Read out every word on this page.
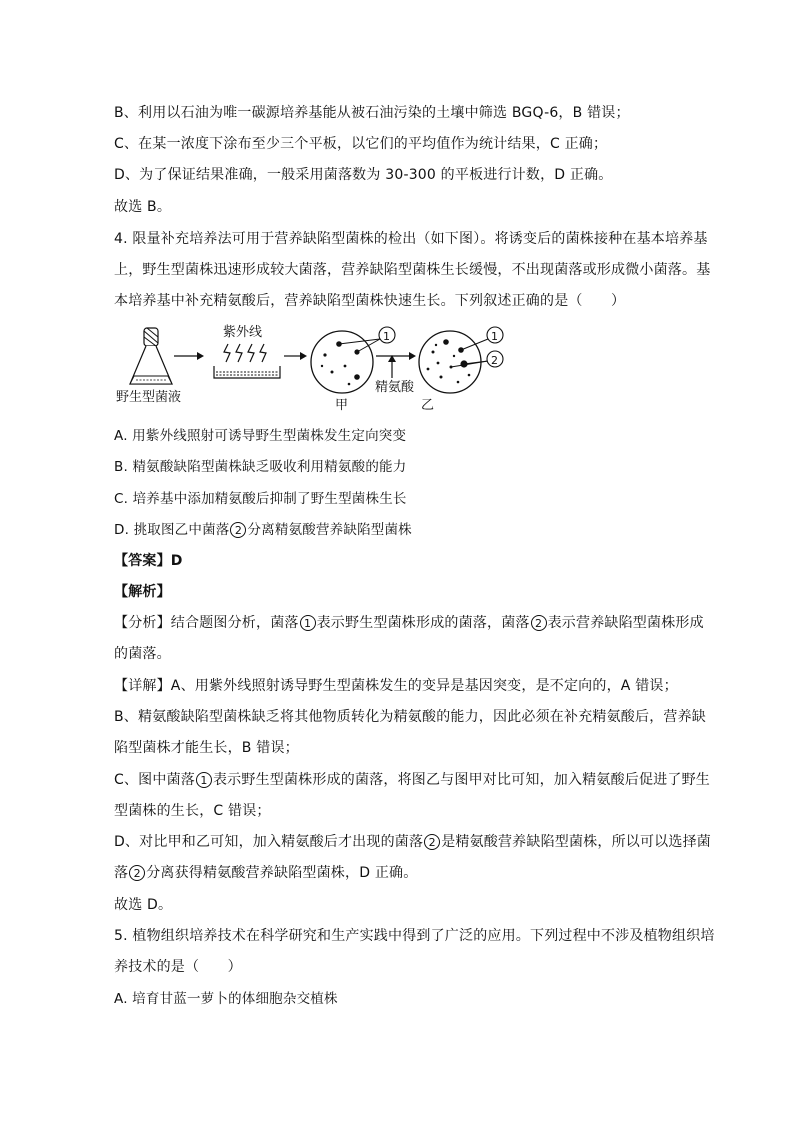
B、利用以石油为唯一碳源培养基能从被石油污染的土壤中筛选 BGQ-6，B 错误；
C、在某一浓度下涂布至少三个平板，以它们的平均值作为统计结果，C 正确；
D、为了保证结果准确，一般采用菌落数为 30-300 的平板进行计数，D 正确。
故选 B。
4. 限量补充培养法可用于营养缺陷型菌株的检出（如下图）。将诱变后的菌株接种在基本培养基
上，野生型菌株迅速形成较大菌落，营养缺陷型菌株生长缓慢，不出现菌落或形成微小菌落。基
本培养基中补充精氨酸后，营养缺陷型菌株快速生长。下列叙述正确的是（　　）
野生型菌液
紫外线	1
甲
精氨酸
1
2
乙
A. 用紫外线照射可诱导野生型菌株发生定向突变
B. 精氨酸缺陷型菌株缺乏吸收利用精氨酸的能力
C. 培养基中添加精氨酸后抑制了野生型菌株生长
D. 挑取图乙中菌落 2 分离精氨酸营养缺陷型菌株
【答案】D
【解析】
【分析】结合题图分析，菌落 1 表示野生型菌株形成的菌落，菌落 2 表示营养缺陷型菌株形成
的菌落。
【详解】A、用紫外线照射诱导野生型菌株发生的变异是基因突变，是不定向的，A 错误；
B、精氨酸缺陷型菌株缺乏将其他物质转化为精氨酸的能力，因此必须在补充精氨酸后，营养缺
陷型菌株才能生长，B 错误；
C、图中菌落 1 表示野生型菌株形成的菌落，将图乙与图甲对比可知，加入精氨酸后促进了野生
型菌株的生长，C 错误；
D、对比甲和乙可知，加入精氨酸后才出现的菌落 2 是精氨酸营养缺陷型菌株，所以可以选择菌
落 2 分离获得精氨酸营养缺陷型菌株，D 正确。
故选 D。
5. 植物组织培养技术在科学研究和生产实践中得到了广泛的应用。下列过程中不涉及植物组织培
养技术的是（　　）
A. 培育甘蓝一萝卜的体细胞杂交植株
